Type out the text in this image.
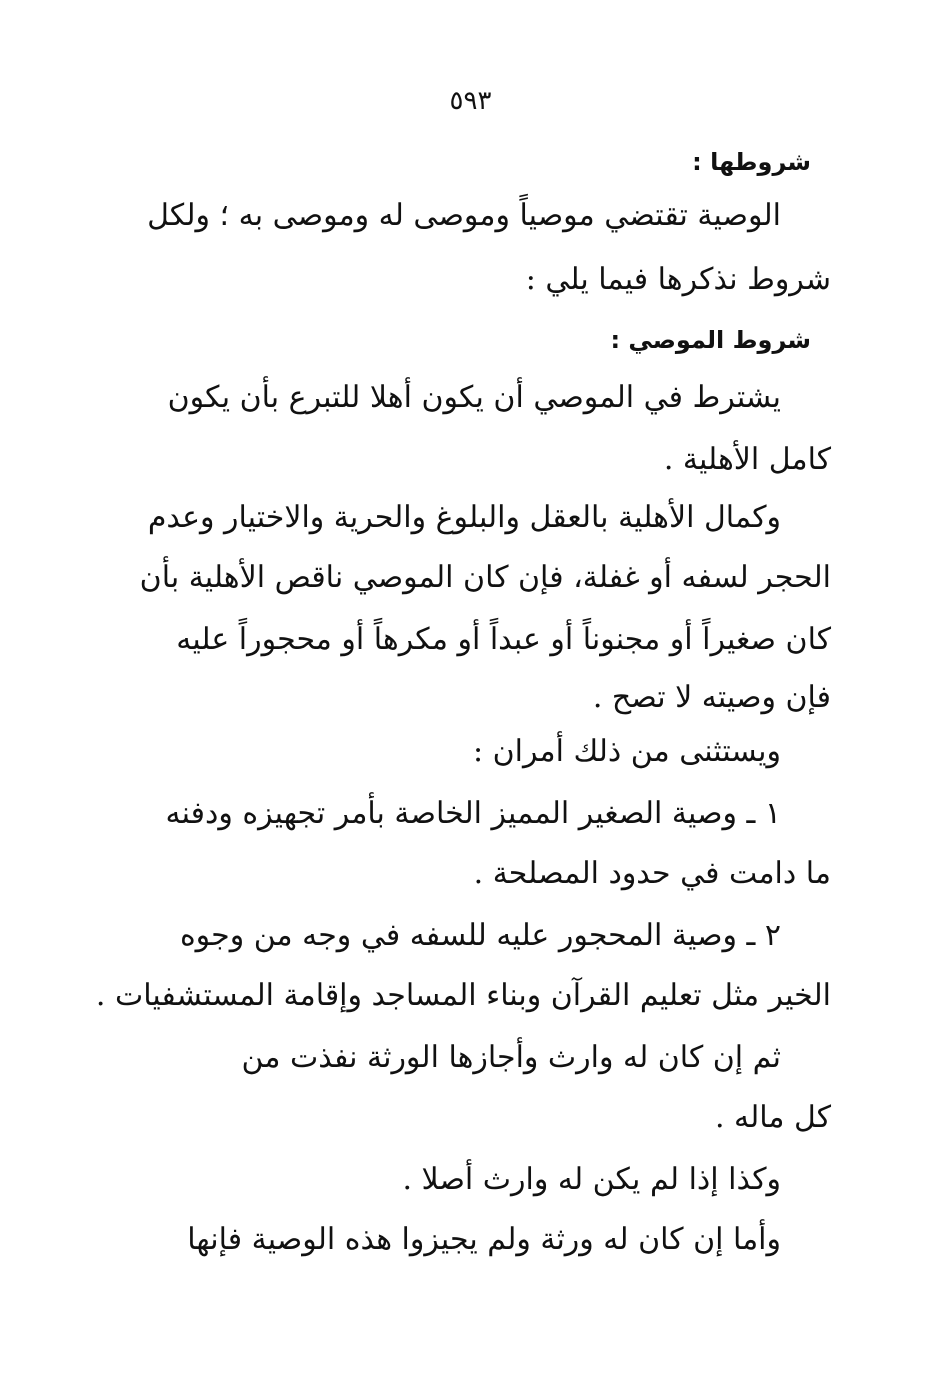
٥٩٣
شروطها :
الوصية تقتضي موصياً وموصى له وموصى به ؛ ولكل
شروط نذكرها فيما يلي :
شروط الموصي :
يشترط في الموصي أن يكون أهلا للتبرع بأن يكون
كامل الأهلية .
وكمال الأهلية بالعقل والبلوغ والحرية والاختيار وعدم
الحجر لسفه أو غفلة، فإن كان الموصي ناقص الأهلية بأن
كان صغيراً أو مجنوناً أو عبداً أو مكرهاً أو محجوراً عليه
فإن وصيته لا تصح .
ويستثنى من ذلك أمران :
١ ـ وصية الصغير المميز الخاصة بأمر تجهيزه ودفنه
ما دامت في حدود المصلحة .
٢ ـ وصية المحجور عليه للسفه في وجه من وجوه
الخير مثل تعليم القرآن وبناء المساجد وإقامة المستشفيات .
ثم إن كان له وارث وأجازها الورثة نفذت من
كل ماله .
وكذا إذا لم يكن له وارث أصلا .
وأما إن كان له ورثة ولم يجيزوا هذه الوصية فإنها
